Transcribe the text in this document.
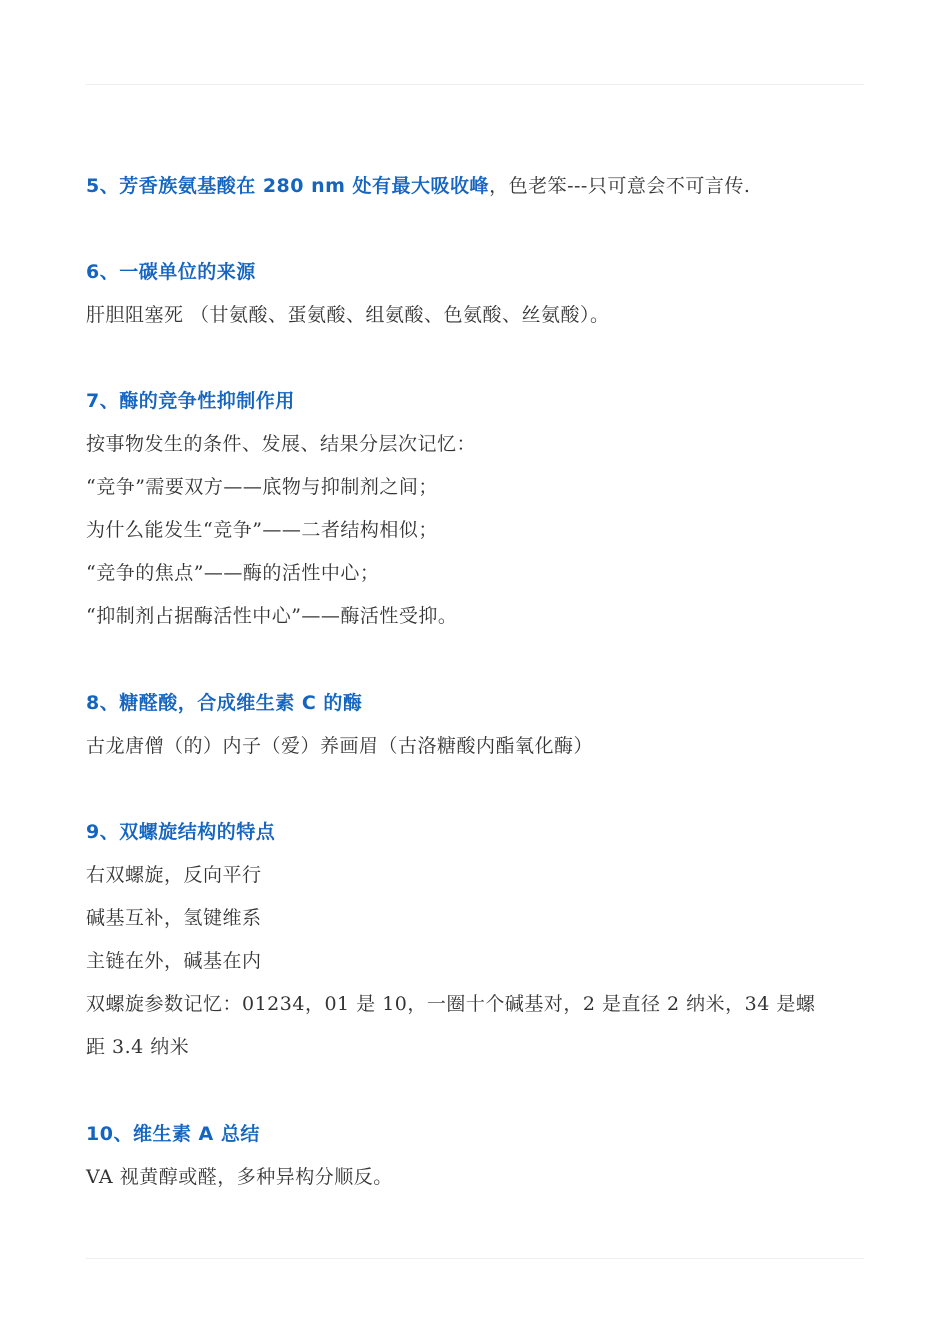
5、芳香族氨基酸在 280 nm 处有最大吸收峰，色老笨---只可意会不可言传.
6、一碳单位的来源
肝胆阻塞死 （甘氨酸、蛋氨酸、组氨酸、色氨酸、丝氨酸）。
7、酶的竞争性抑制作用
按事物发生的条件、发展、结果分层次记忆：
“竞争”需要双方——底物与抑制剂之间；
为什么能发生“竞争”——二者结构相似；
“竞争的焦点”——酶的活性中心；
“抑制剂占据酶活性中心”——酶活性受抑。
8、糖醛酸，合成维生素 C 的酶
古龙唐僧（的）内子（爱）养画眉（古洛糖酸内酯氧化酶）
9、双螺旋结构的特点
右双螺旋，反向平行
碱基互补，氢键维系
主链在外，碱基在内
双螺旋参数记忆：01234，01 是 10，一圈十个碱基对，2 是直径 2 纳米，34 是螺
距 3.4 纳米
10、维生素 A 总结
VA 视黄醇或醛，多种异构分顺反。
